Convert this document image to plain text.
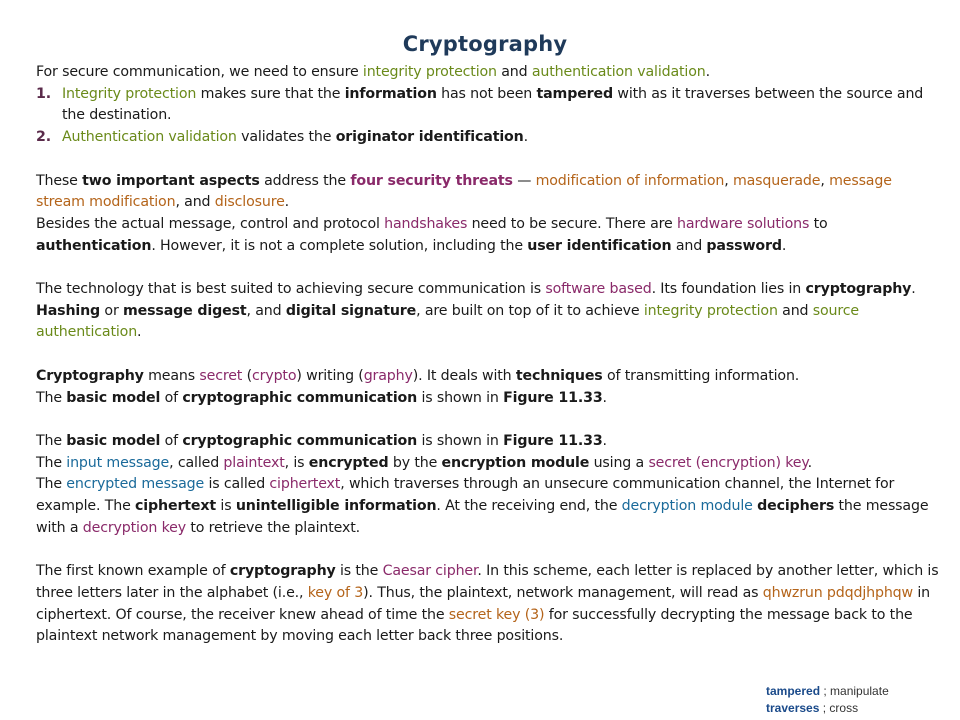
Cryptography

For secure communication, we need to ensure integrity protection and authentication validation.

1. Integrity protection makes sure that the information has not been tampered with as it traverses between the source and the destination.

2. Authentication validation validates the originator identification.

These two important aspects address the four security threats — modification of information, masquerade, message stream modification, and disclosure.

Besides the actual message, control and protocol handshakes need to be secure. There are hardware solutions to authentication. However, it is not a complete solution, including the user identification and password.

The technology that is best suited to achieving secure communication is software based. Its foundation lies in cryptography. Hashing or message digest, and digital signature, are built on top of it to achieve integrity protection and source authentication.

Cryptography means secret (crypto) writing (graphy). It deals with techniques of transmitting information.

The basic model of cryptographic communication is shown in Figure 11.33.

The basic model of cryptographic communication is shown in Figure 11.33.

The input message, called plaintext, is encrypted by the encryption module using a secret (encryption) key.

The encrypted message is called ciphertext, which traverses through an unsecure communication channel, the Internet for example. The ciphertext is unintelligible information. At the receiving end, the decryption module deciphers the message with a decryption key to retrieve the plaintext.

The first known example of cryptography is the Caesar cipher. In this scheme, each letter is replaced by another letter, which is three letters later in the alphabet (i.e., key of 3). Thus, the plaintext, network management, will read as qhwzrun pdqdjhphqw in ciphertext. Of course, the receiver knew ahead of time the secret key (3) for successfully decrypting the message back to the plaintext network management by moving each letter back three positions.

tampered ; manipulate
traverses ; cross
